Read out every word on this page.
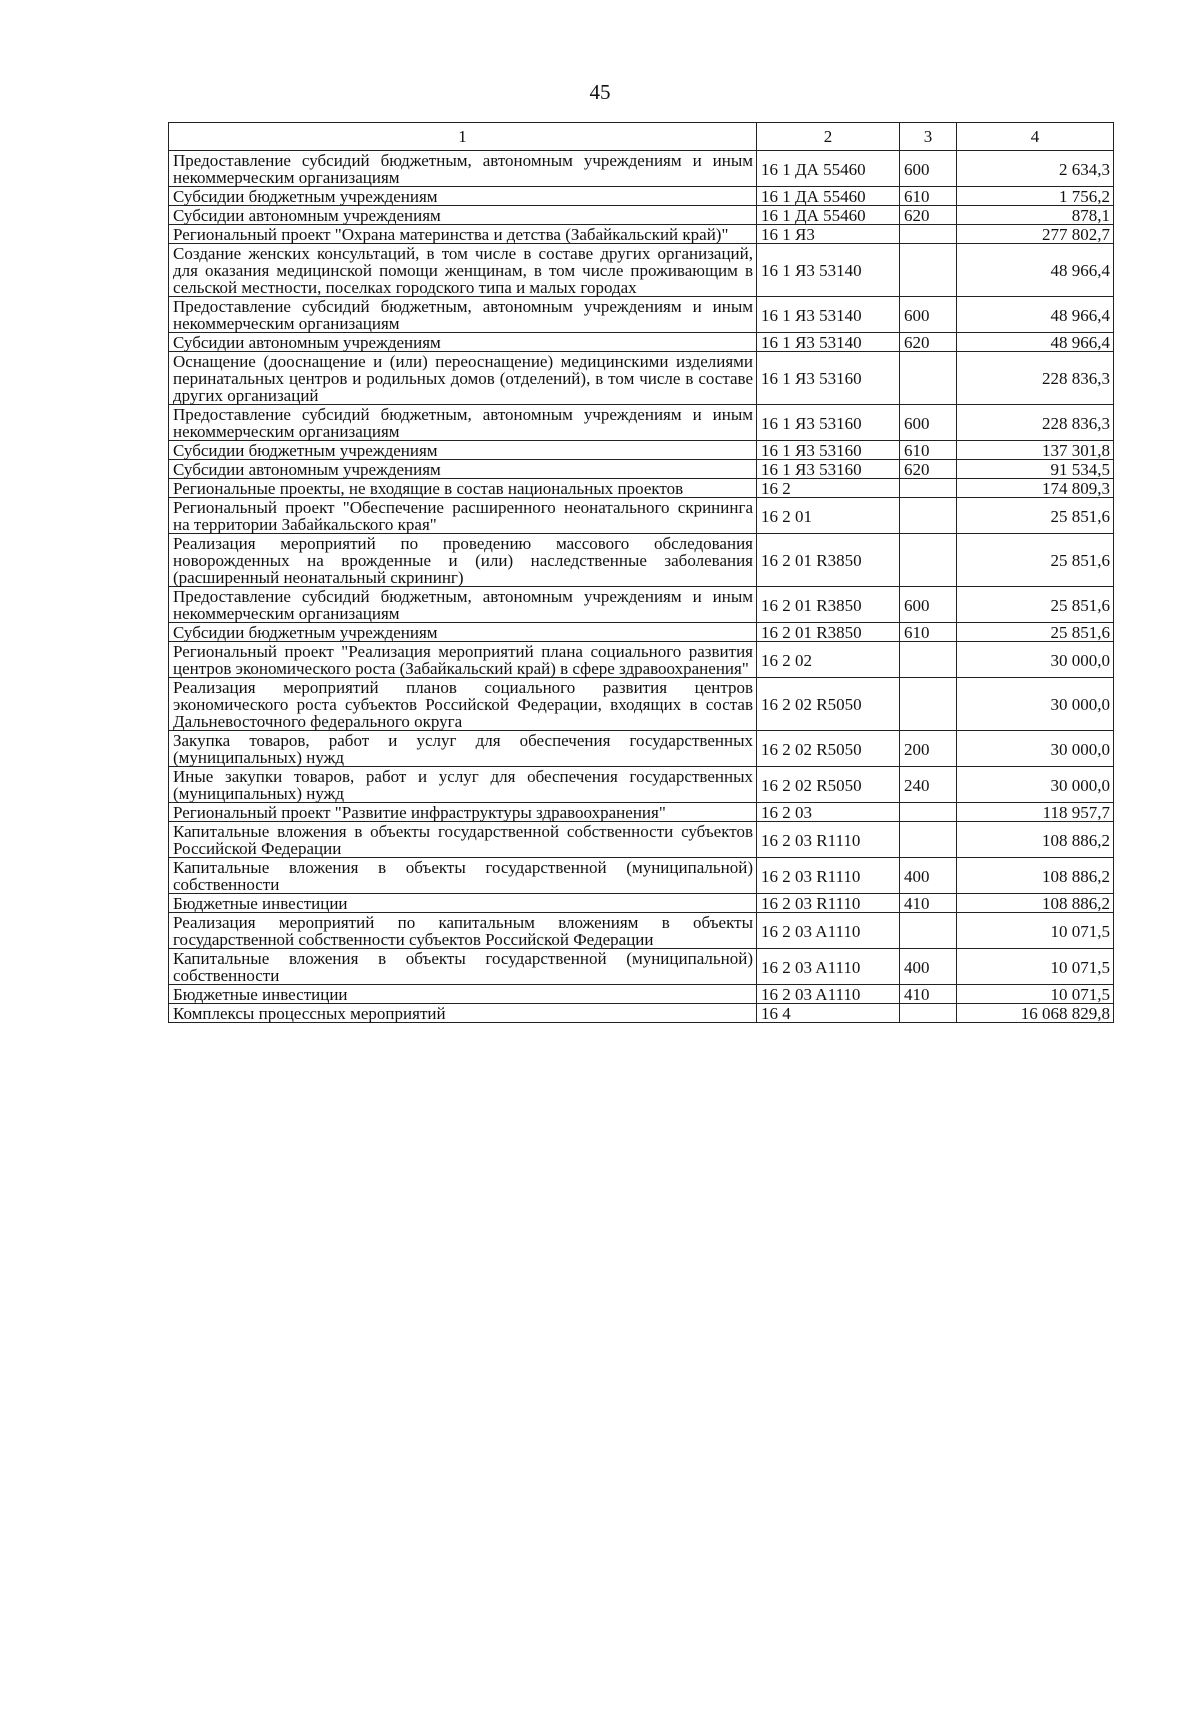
45
1	2	3	4
Предоставление субсидий бюджетным, автономным учреждениям и иным некоммерческим организациям	16 1 ДА 55460	600	2 634,3
Субсидии бюджетным учреждениям	16 1 ДА 55460	610	1 756,2
Субсидии автономным учреждениям	16 1 ДА 55460	620	878,1
Региональный проект "Охрана материнства и детства (Забайкальский край)"	16 1 Я3		277 802,7
Создание женских консультаций, в том числе в составе других организаций, для оказания медицинской помощи женщинам, в том числе проживающим в сельской местности, поселках городского типа и малых городах	16 1 Я3 53140		48 966,4
Предоставление субсидий бюджетным, автономным учреждениям и иным некоммерческим организациям	16 1 Я3 53140	600	48 966,4
Субсидии автономным учреждениям	16 1 Я3 53140	620	48 966,4
Оснащение (дооснащение и (или) переоснащение) медицинскими изделиями перинатальных центров и родильных домов (отделений), в том числе в составе других организаций	16 1 Я3 53160		228 836,3
Предоставление субсидий бюджетным, автономным учреждениям и иным некоммерческим организациям	16 1 Я3 53160	600	228 836,3
Субсидии бюджетным учреждениям	16 1 Я3 53160	610	137 301,8
Субсидии автономным учреждениям	16 1 Я3 53160	620	91 534,5
Региональные проекты, не входящие в состав национальных проектов	16 2		174 809,3
Региональный проект "Обеспечение расширенного неонатального скрининга на территории Забайкальского края"	16 2 01		25 851,6
Реализация мероприятий по проведению массового обследования новорожденных на врожденные и (или) наследственные заболевания (расширенный неонатальный скрининг)	16 2 01 R3850		25 851,6
Предоставление субсидий бюджетным, автономным учреждениям и иным некоммерческим организациям	16 2 01 R3850	600	25 851,6
Субсидии бюджетным учреждениям	16 2 01 R3850	610	25 851,6
Региональный проект "Реализация мероприятий плана социального развития центров экономического роста (Забайкальский край) в сфере здравоохранения"	16 2 02		30 000,0
Реализация мероприятий планов социального развития центров экономического роста субъектов Российской Федерации, входящих в состав Дальневосточного федерального округа	16 2 02 R5050		30 000,0
Закупка товаров, работ и услуг для обеспечения государственных (муниципальных) нужд	16 2 02 R5050	200	30 000,0
Иные закупки товаров, работ и услуг для обеспечения государственных (муниципальных) нужд	16 2 02 R5050	240	30 000,0
Региональный проект "Развитие инфраструктуры здравоохранения"	16 2 03		118 957,7
Капитальные вложения в объекты государственной собственности субъектов Российской Федерации	16 2 03 R1110		108 886,2
Капитальные вложения в объекты государственной (муниципальной) собственности	16 2 03 R1110	400	108 886,2
Бюджетные инвестиции	16 2 03 R1110	410	108 886,2
Реализация мероприятий по капитальным вложениям в объекты государственной собственности субъектов Российской Федерации	16 2 03 A1110		10 071,5
Капитальные вложения в объекты государственной (муниципальной) собственности	16 2 03 A1110	400	10 071,5
Бюджетные инвестиции	16 2 03 A1110	410	10 071,5
Комплексы процессных мероприятий	16 4		16 068 829,8
